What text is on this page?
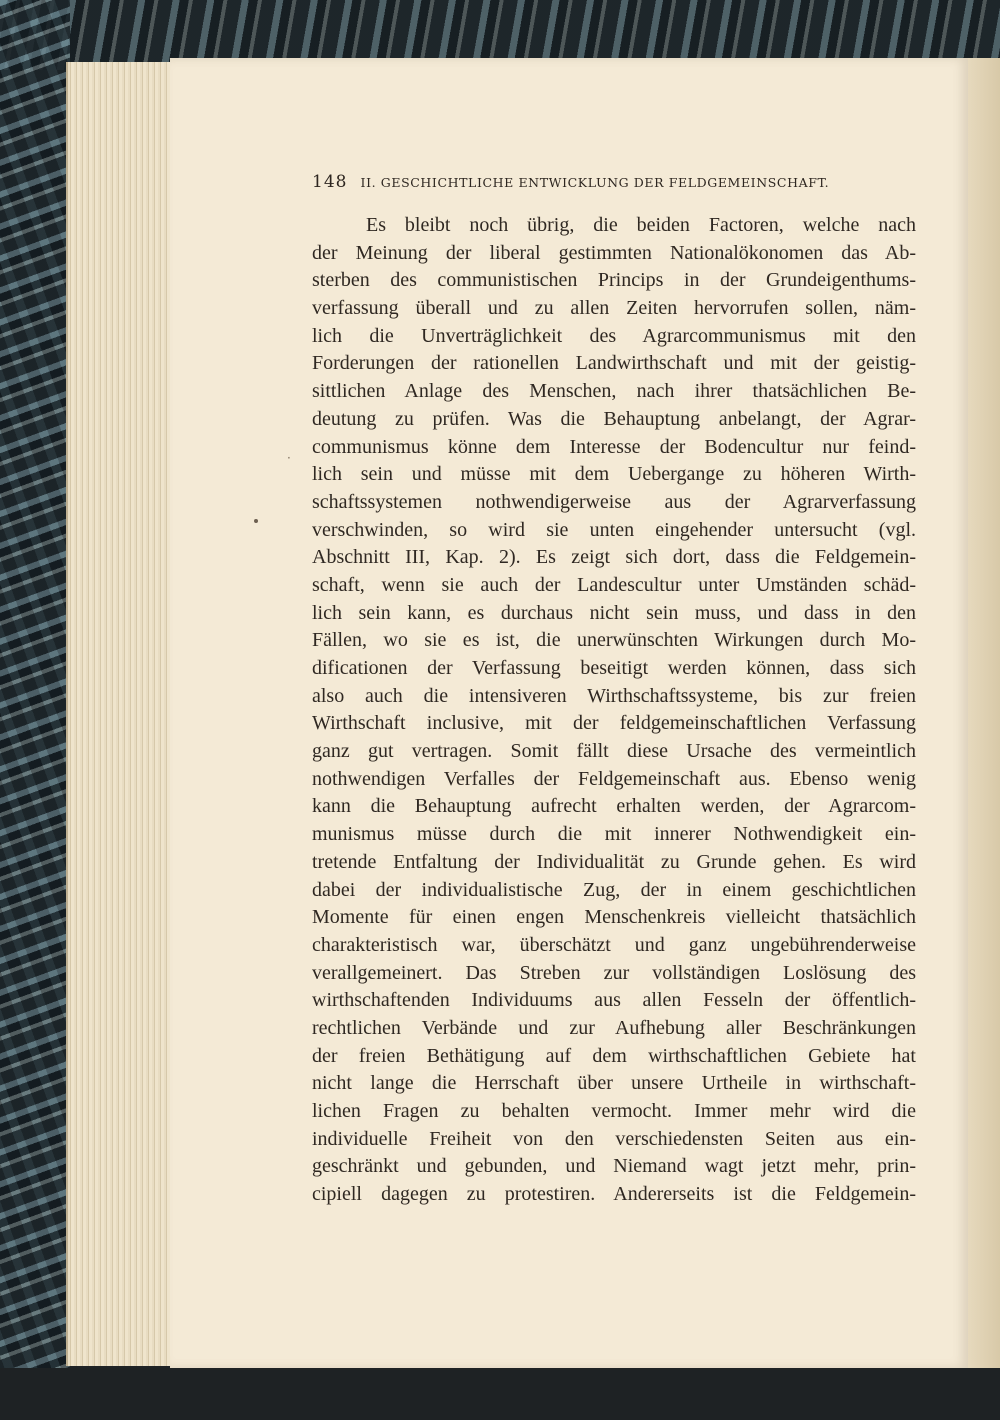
148 II. GESCHICHTLICHE ENTWICKLUNG DER FELDGEMEINSCHAFT.
·
Es bleibt noch übrig, die beiden Factoren, welche nach
der Meinung der liberal gestimmten Nationalökonomen das Ab-
sterben des communistischen Princips in der Grundeigenthums-
verfassung überall und zu allen Zeiten hervorrufen sollen, näm-
lich die Unverträglichkeit des Agrarcommunismus mit den
Forderungen der rationellen Landwirthschaft und mit der geistig-
sittlichen Anlage des Menschen, nach ihrer thatsächlichen Be-
deutung zu prüfen. Was die Behauptung anbelangt, der Agrar-
communismus könne dem Interesse der Bodencultur nur feind-
lich sein und müsse mit dem Uebergange zu höheren Wirth-
schaftssystemen nothwendigerweise aus der Agrarverfassung
verschwinden, so wird sie unten eingehender untersucht (vgl.
Abschnitt III, Kap. 2). Es zeigt sich dort, dass die Feldgemein-
schaft, wenn sie auch der Landescultur unter Umständen schäd-
lich sein kann, es durchaus nicht sein muss, und dass in den
Fällen, wo sie es ist, die unerwünschten Wirkungen durch Mo-
dificationen der Verfassung beseitigt werden können, dass sich
also auch die intensiveren Wirthschaftssysteme, bis zur freien
Wirthschaft inclusive, mit der feldgemeinschaftlichen Verfassung
ganz gut vertragen. Somit fällt diese Ursache des vermeintlich
nothwendigen Verfalles der Feldgemeinschaft aus. Ebenso wenig
kann die Behauptung aufrecht erhalten werden, der Agrarcom-
munismus müsse durch die mit innerer Nothwendigkeit ein-
tretende Entfaltung der Individualität zu Grunde gehen. Es wird
dabei der individualistische Zug, der in einem geschichtlichen
Momente für einen engen Menschenkreis vielleicht thatsächlich
charakteristisch war, überschätzt und ganz ungebührenderweise
verallgemeinert. Das Streben zur vollständigen Loslösung des
wirthschaftenden Individuums aus allen Fesseln der öffentlich-
rechtlichen Verbände und zur Aufhebung aller Beschränkungen
der freien Bethätigung auf dem wirthschaftlichen Gebiete hat
nicht lange die Herrschaft über unsere Urtheile in wirthschaft-
lichen Fragen zu behalten vermocht. Immer mehr wird die
individuelle Freiheit von den verschiedensten Seiten aus ein-
geschränkt und gebunden, und Niemand wagt jetzt mehr, prin-
cipiell dagegen zu protestiren. Andererseits ist die Feldgemein-
